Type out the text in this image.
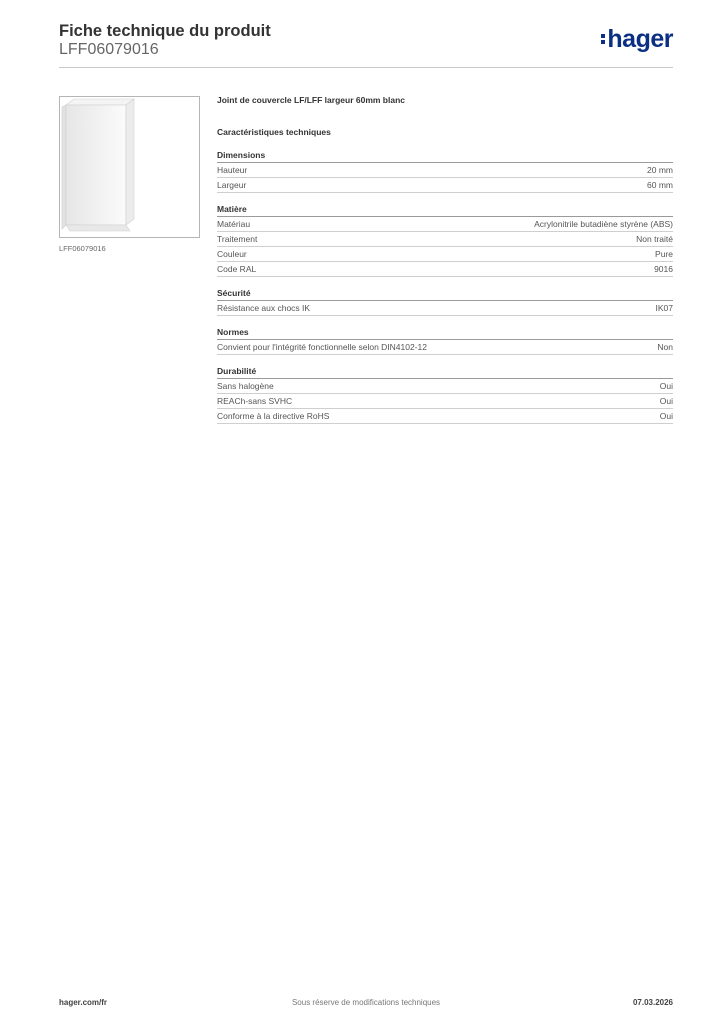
Fiche technique du produit
LFF06079016	hager
LFF06079016
Joint de couvercle LF/LFF largeur 60mm blanc
Caractéristiques techniques
Dimensions
Hauteur	20 mm
Largeur	60 mm
Matière
Matériau	Acrylonitrile butadiène styrène (ABS)
Traitement	Non traité
Couleur	Pure
Code RAL	9016
Sécurité
Résistance aux chocs IK	IK07
Normes
Convient pour l'intégrité fonctionnelle selon DIN4102-12	Non
Durabilité
Sans halogène	Oui
REACh-sans SVHC	Oui
Conforme à la directive RoHS	Oui
hager.com/fr	Sous réserve de modifications techniques	07.03.2026
